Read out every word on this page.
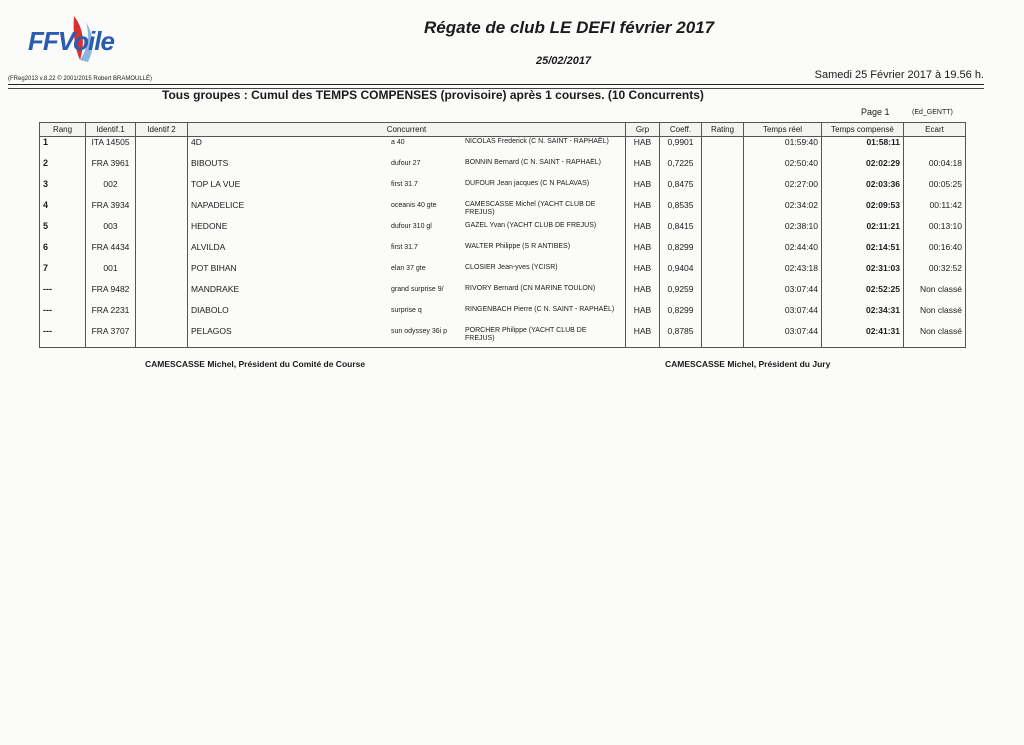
FFVoile	Régate de club LE DEFI février 2017
25/02/2017
(FReg2013 v.8.22 © 2001/2015 Robert BRAMOULLÉ)	Samedi 25 Février 2017 à 19.56 h.
Tous groupes : Cumul des TEMPS COMPENSES (provisoire) après 1 courses. (10 Concurrents)
Page 1	(Ed_GENTT)
Rang	Identif.1	Identif 2	Concurrent	Grp	Coeff.	Rating	Temps réel	Temps compensé	Ecart
1	ITA 14505		4D a 40 NICOLAS Frederick (C N. SAINT - RAPHAËL)	HAB	0,9901		01:59:40	01:58:11	
2	FRA 3961		BIBOUTS dufour 27 BONNIN Bernard (C N. SAINT - RAPHAËL)	HAB	0,7225		02:50:40	02:02:29	00:04:18
3	002		TOP LA VUE first 31.7 DUFOUR Jean jacques (C N PALAVAS)	HAB	0,8475		02:27:00	02:03:36	00:05:25
4	FRA 3934		NAPADELICE oceanis 40 gte CAMESCASSE Michel (YACHT CLUB DE FREJUS)	HAB	0,8535		02:34:02	02:09:53	00:11:42
5	003		HEDONE dufour 310 gl GAZEL Yvan (YACHT CLUB DE FREJUS)	HAB	0,8415		02:38:10	02:11:21	00:13:10
6	FRA 4434		ALVILDA first 31.7 WALTER Philippe (S R ANTIBES)	HAB	0,8299		02:44:40	02:14:51	00:16:40
7	001		POT BIHAN elan 37 gte CLOSIER Jean-yves (YCISR)	HAB	0,9404		02:43:18	02:31:03	00:32:52
---	FRA 9482		MANDRAKE grand surprise 9/ RIVORY Bernard (CN MARINE TOULON)	HAB	0,9259		03:07:44	02:52:25	Non classé
---	FRA 2231		DIABOLO surprise q RINGENBACH Pierre (C N. SAINT - RAPHAËL)	HAB	0,8299		03:07:44	02:34:31	Non classé
---	FRA 3707		PELAGOS sun odyssey 36i p PORCHER Philippe (YACHT CLUB DE FREJUS)	HAB	0,8785		03:07:44	02:41:31	Non classé
CAMESCASSE Michel, Président du Comité de Course	CAMESCASSE Michel, Président du Jury
